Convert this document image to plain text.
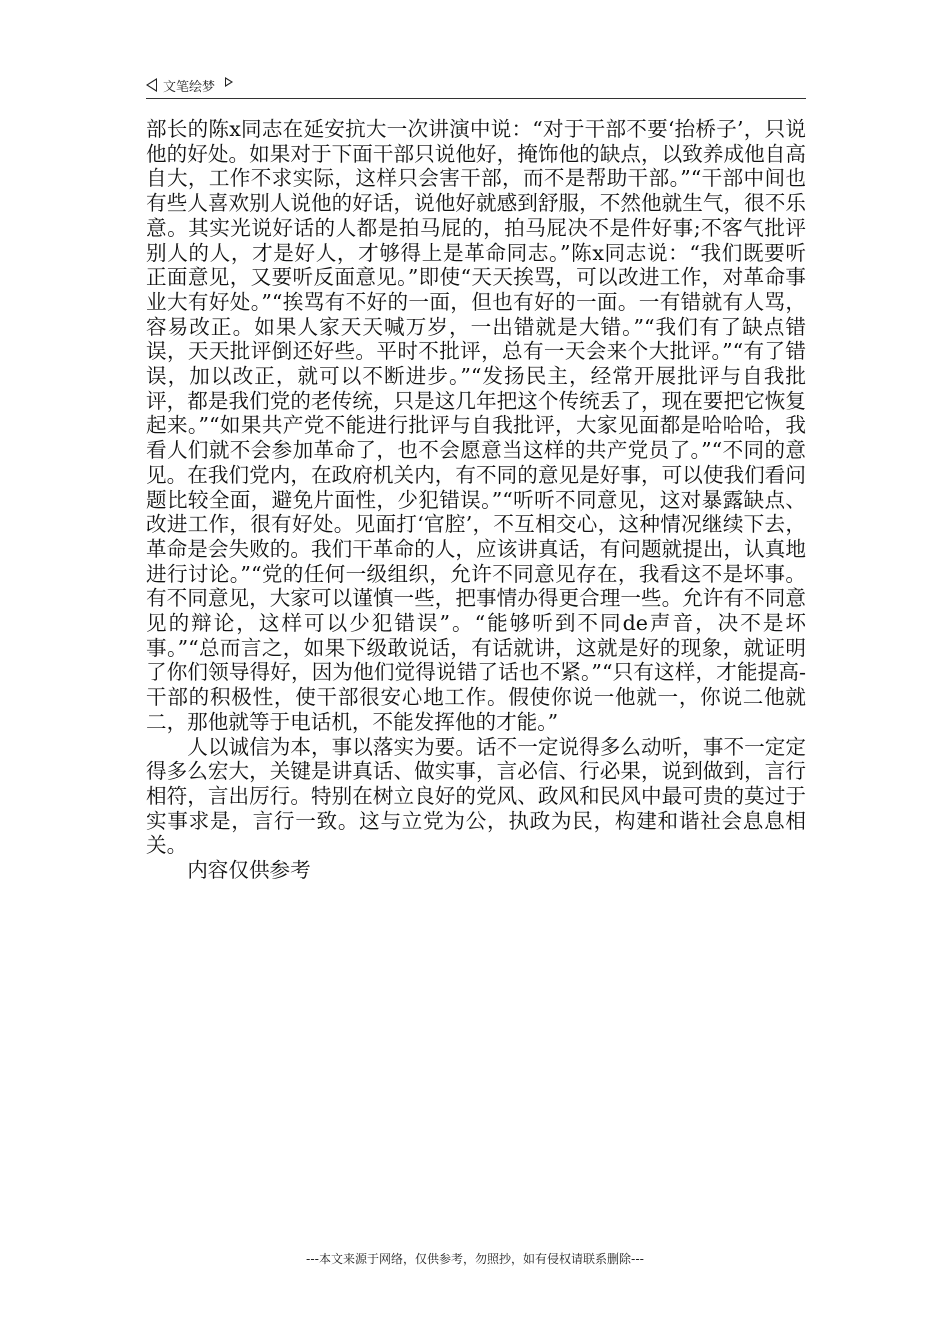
文笔绘梦

部长的陈x同志在延安抗大一次讲演中说：“对于干部不要‘抬桥子’，只说他的好处。如果对于下面干部只说他好，掩饰他的缺点，以致养成他自高自大，工作不求实际，这样只会害干部，而不是帮助干部。”“干部中间也有些人喜欢别人说他的好话，说他好就感到舒服，不然他就生气，很不乐意。其实光说好话的人都是拍马屁的，拍马屁决不是件好事;不客气批评别人的人，才是好人，才够得上是革命同志。”陈x同志说：“我们既要听正面意见，又要听反面意见。”即使“天天挨骂，可以改进工作，对革命事业大有好处。”“挨骂有不好的一面，但也有好的一面。一有错就有人骂，容易改正。如果人家天天喊万岁，一出错就是大错。”“我们有了缺点错误，天天批评倒还好些。平时不批评，总有一天会来个大批评。”“有了错误，加以改正，就可以不断进步。”“发扬民主，经常开展批评与自我批评，都是我们党的老传统，只是这几年把这个传统丢了，现在要把它恢复起来。”“如果共产党不能进行批评与自我批评，大家见面都是哈哈哈，我看人们就不会参加革命了，也不会愿意当这样的共产党员了。”“不同的意见。在我们党内，在政府机关内，有不同的意见是好事，可以使我们看问题比较全面，避免片面性，少犯错误。”“听听不同意见，这对暴露缺点、改进工作，很有好处。见面打‘官腔’，不互相交心，这种情况继续下去，革命是会失败的。我们干革命的人，应该讲真话，有问题就提出，认真地进行讨论。”“党的任何一级组织，允许不同意见存在，我看这不是坏事。有不同意见，大家可以谨慎一些，把事情办得更合理一些。允许有不同意见的辩论，这样可以少犯错误”。“能够听到不同de声音，决不是坏事。”“总而言之，如果下级敢说话，有话就讲，这就是好的现象，就证明了你们领导得好，因为他们觉得说错了话也不紧。”“只有这样，才能提高-干部的积极性，使干部很安心地工作。假使你说一他就一，你说二他就二，那他就等于电话机，不能发挥他的才能。”

人以诚信为本，事以落实为要。话不一定说得多么动听，事不一定定得多么宏大，关键是讲真话、做实事，言必信、行必果，说到做到，言行相符，言出厉行。特别在树立良好的党风、政风和民风中最可贵的莫过于实事求是，言行一致。这与立党为公，执政为民，构建和谐社会息息相关。

内容仅供参考

---本文来源于网络，仅供参考，勿照抄，如有侵权请联系删除---
